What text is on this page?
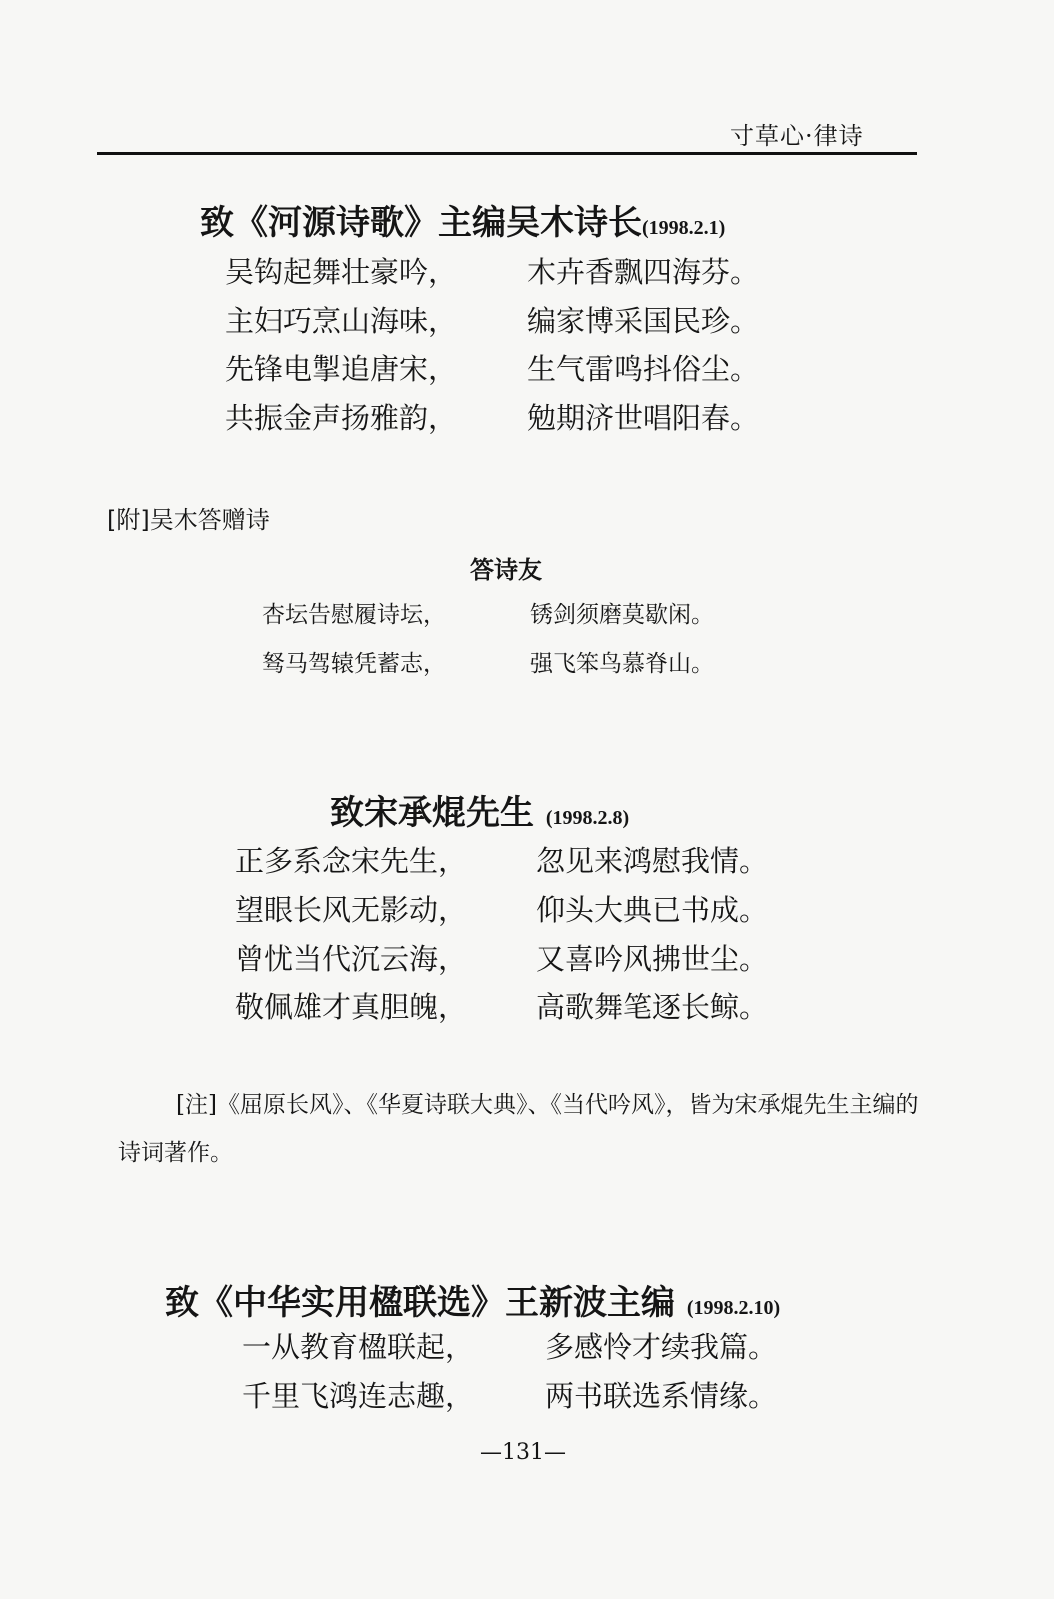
寸草心·律诗
致《河源诗歌》主编吴木诗长(1998.2.1)
吴钩起舞壮豪吟， 木卉香飘四海芬。
主妇巧烹山海味， 编家博采国民珍。
先锋电掣追唐宋， 生气雷鸣抖俗尘。
共振金声扬雅韵， 勉期济世唱阳春。
[附]吴木答赠诗
答诗友
杏坛告慰履诗坛，	锈剑须磨莫歇闲。
驽马驾辕凭蓄志，	强飞笨鸟慕脊山。
致宋承焜先生 (1998.2.8)
正多系念宋先生， 忽见来鸿慰我情。
望眼长风无影动， 仰头大典已书成。
曾忧当代沉云海， 又喜吟风拂世尘。
敬佩雄才真胆魄， 高歌舞笔逐长鲸。
[注]《屈原长风》、《华夏诗联大典》、《当代吟风》，皆为宋承焜先生主编的诗词著作。
致《中华实用楹联选》王新波主编 (1998.2.10)
一从教育楹联起， 多感怜才续我篇。
千里飞鸿连志趣， 两书联选系情缘。
—131—
